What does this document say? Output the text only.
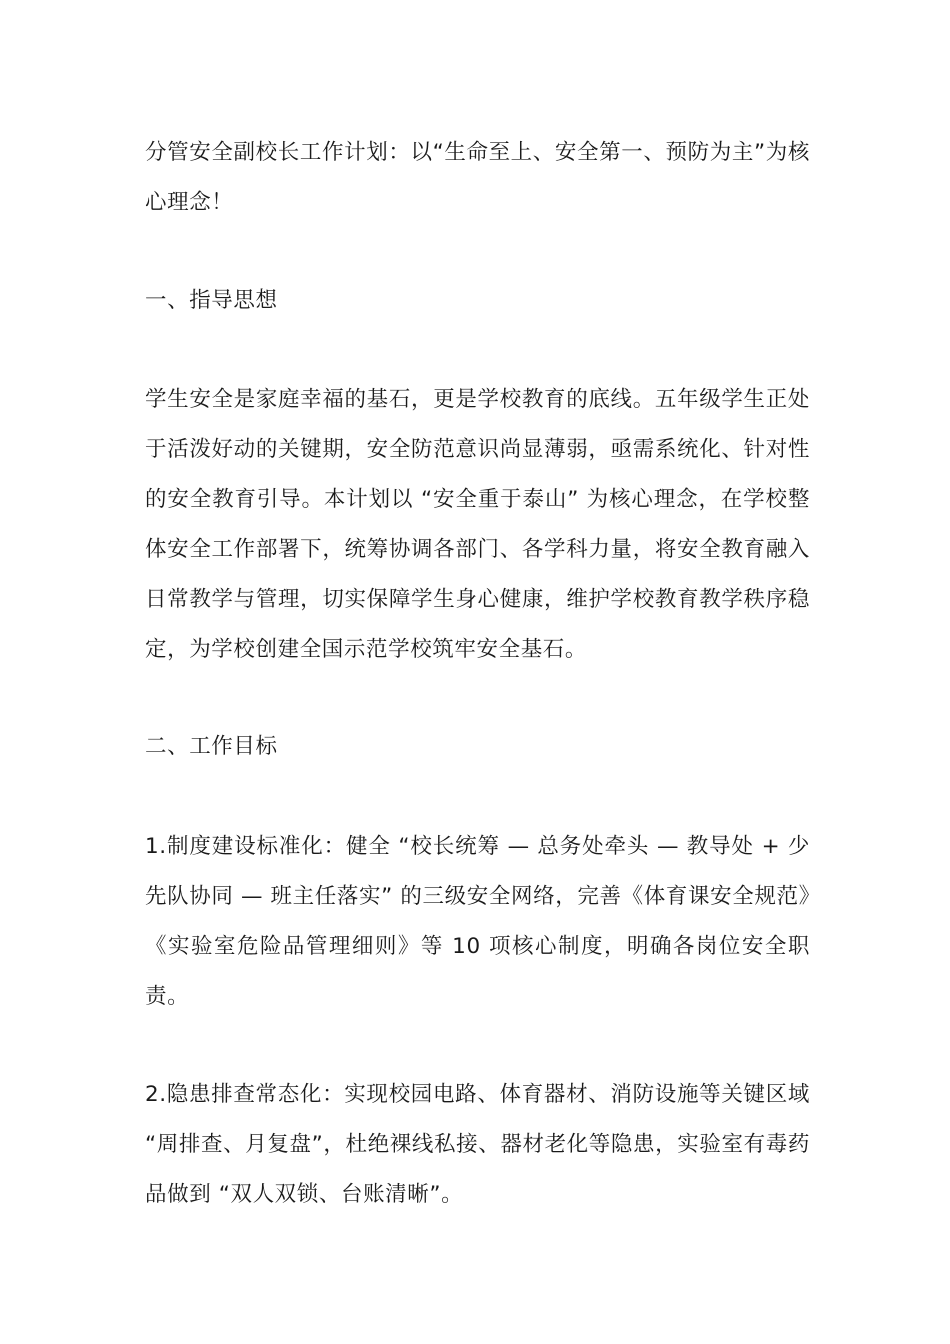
分管安全副校长工作计划：以“生命至上、安全第一、预防为主”为核心理念！

一、指导思想

学生安全是家庭幸福的基石，更是学校教育的底线。五年级学生正处于活泼好动的关键期，安全防范意识尚显薄弱，亟需系统化、针对性的安全教育引导。本计划以 “安全重于泰山” 为核心理念，在学校整体安全工作部署下，统筹协调各部门、各学科力量，将安全教育融入日常教学与管理，切实保障学生身心健康，维护学校教育教学秩序稳定，为学校创建全国示范学校筑牢安全基石。

二、工作目标

1.制度建设标准化：健全 “校长统筹 — 总务处牵头 — 教导处 + 少先队协同 — 班主任落实” 的三级安全网络，完善《体育课安全规范》《实验室危险品管理细则》等 10 项核心制度，明确各岗位安全职责。

2.隐患排查常态化：实现校园电路、体育器材、消防设施等关键区域 “周排查、月复盘”，杜绝裸线私接、器材老化等隐患，实验室有毒药品做到 “双人双锁、台账清晰”。
